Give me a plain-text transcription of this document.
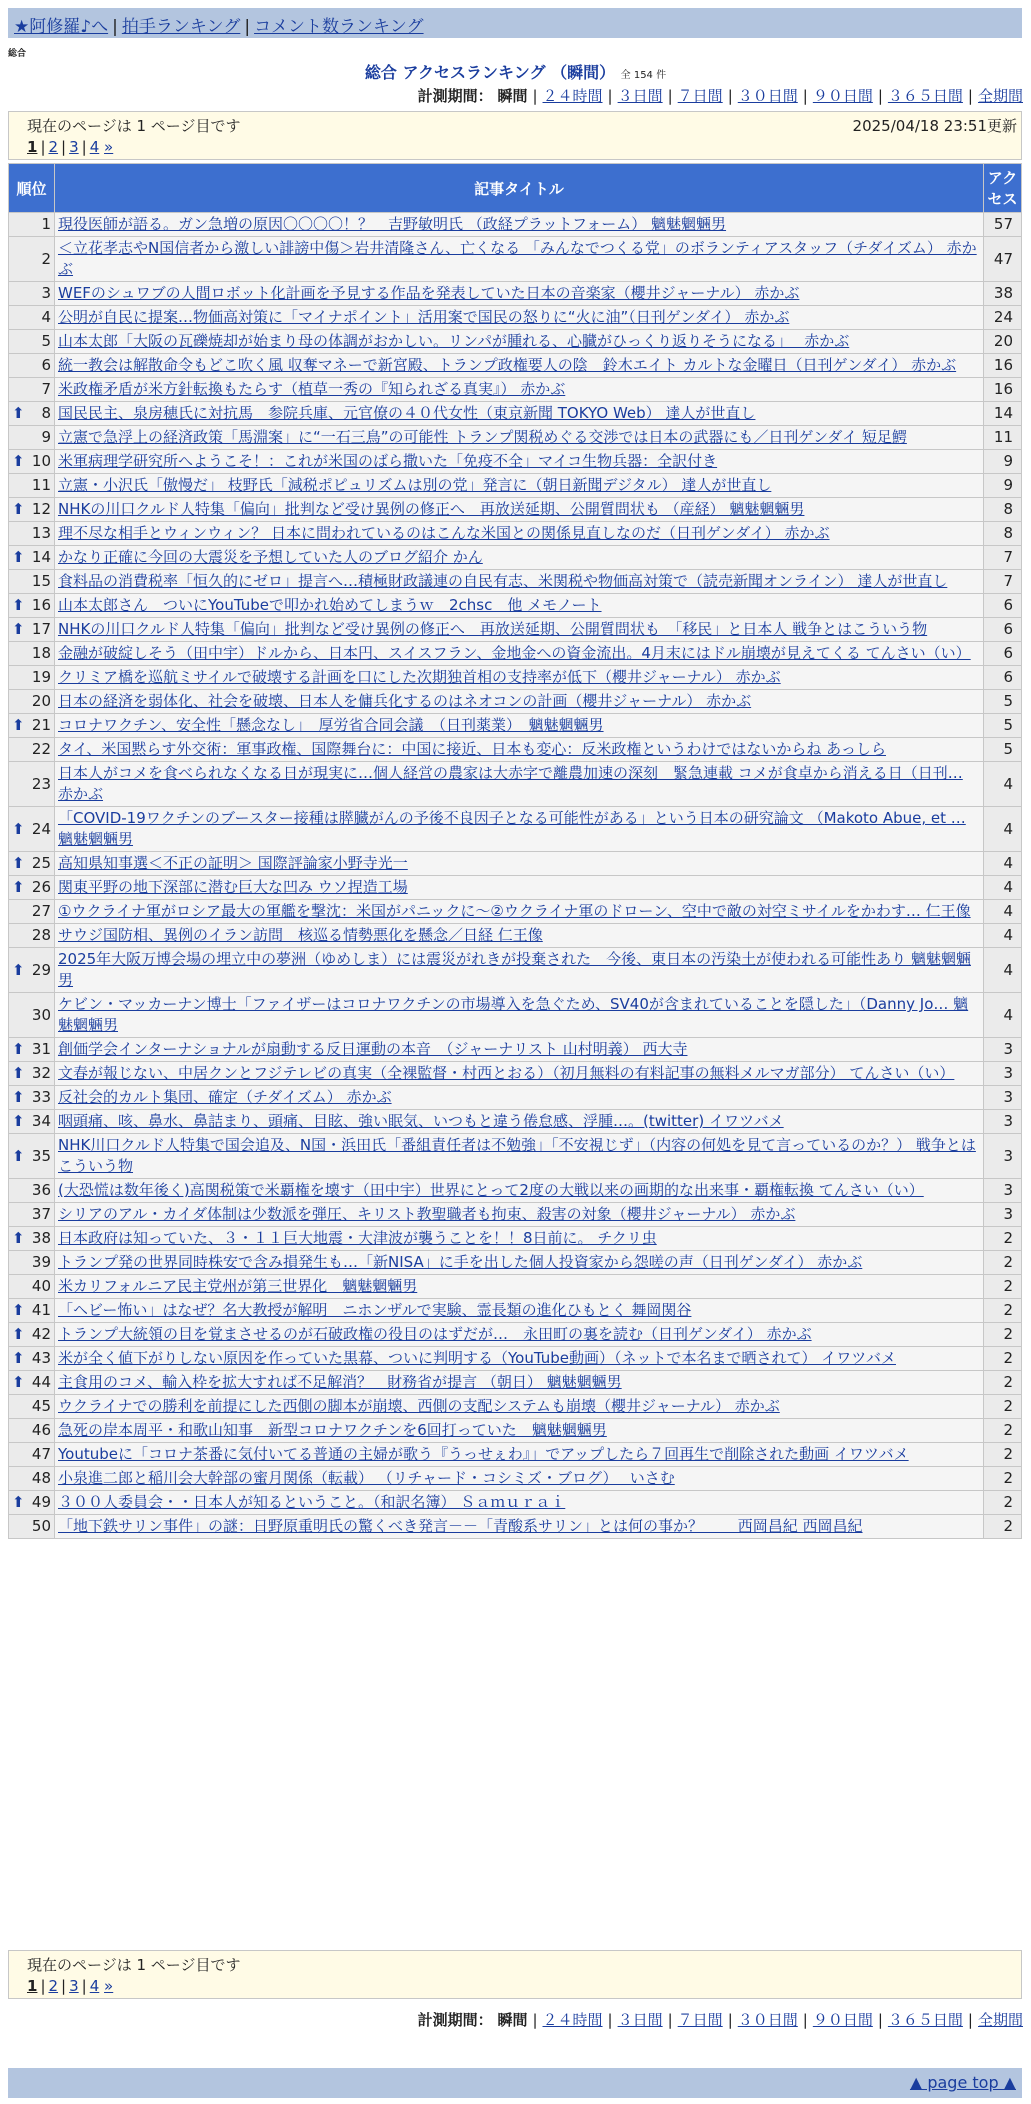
★阿修羅♪へ | 拍手ランキング | コメント数ランキング
総合
総合 アクセスランキング （瞬間） 全 154 件
計測期間： 瞬間 | ２４時間 | ３日間 | ７日間 | ３０日間 | ９０日間 | ３６５日間 | 全期間
現在のページは 1 ページ目です	2025/04/18 23:51更新
1 | 2 | 3 | 4 »
順位	記事タイトル	アクセス
1	現役医師が語る。ガン急増の原因〇〇〇〇！？　吉野敏明氏 （政経プラットフォーム） 魑魅魍魎男	57
2	＜立花孝志やN国信者から激しい誹謗中傷＞岩井清隆さん、亡くなる 「みんなでつくる党」のボランティアスタッフ（チダイズム） 赤かぶ	47
3	WEFのシュワブの人間ロボット化計画を予見する作品を発表していた日本の音楽家（櫻井ジャーナル） 赤かぶ	38
4	公明が自民に提案…物価高対策に「マイナポイント」活用案で国民の怒りに“火に油”（日刊ゲンダイ） 赤かぶ	24
5	山本太郎「大阪の瓦礫焼却が始まり母の体調がおかしい。リンパが腫れる、心臓がひっくり返りそうになる」　 赤かぶ	20
6	統一教会は解散命令もどこ吹く風 収奪マネーで新宮殿、トランプ政権要人の陰　鈴木エイト カルトな金曜日（日刊ゲンダイ） 赤かぶ	16
7	米政権矛盾が米方針転換もたらす（植草一秀の『知られざる真実』） 赤かぶ	16

⬆ 8	国民民主、泉房穂氏に対抗馬　参院兵庫、元官僚の４０代女性（東京新聞 TOKYO Web） 達人が世直し	14
9	立憲で急浮上の経済政策「馬淵案」に“一石三鳥”の可能性 トランプ関税めぐる交渉では日本の武器にも／日刊ゲンダイ 短足鰐	11

⬆ 10	米軍病理学研究所へようこそ！：これが米国のばら撒いた「免疫不全」マイコ生物兵器：全訳付き	9
11	立憲・小沢氏「傲慢だ」 枝野氏「減税ポピュリズムは別の党」発言に（朝日新聞デジタル） 達人が世直し	9

⬆ 12	NHKの川口クルド人特集「偏向」批判など受け異例の修正へ　再放送延期、公開質問状も （産経） 魑魅魍魎男	8
13	理不尽な相手とウィンウィン？ 日本に問われているのはこんな米国との関係見直しなのだ（日刊ゲンダイ） 赤かぶ	8

⬆ 14	かなり正確に今回の大震災を予想していた人のブログ紹介 かん	7
15	食料品の消費税率「恒久的にゼロ」提言へ…積極財政議連の自民有志、米関税や物価高対策で（読売新聞オンライン） 達人が世直し	7

⬆ 16	山本太郎さん　ついにYouTubeで叩かれ始めてしまうｗ　2chsc　他 メモノート	6

⬆ 17	NHKの川口クルド人特集「偏向」批判など受け異例の修正へ　再放送延期、公開質問状も　「移民」と日本人 戦争とはこういう物	6
18	金融が破綻しそう（田中宇）ドルから、日本円、スイスフラン、金地金への資金流出。4月末にはドル崩壊が見えてくる てんさい（い）	6
19	クリミア橋を巡航ミサイルで破壊する計画を口にした次期独首相の支持率が低下（櫻井ジャーナル） 赤かぶ	6
20	日本の経済を弱体化、社会を破壊、日本人を傭兵化するのはネオコンの計画（櫻井ジャーナル） 赤かぶ	5

⬆ 21	コロナワクチン、安全性「懸念なし」　厚労省合同会議　（日刊薬業）　魑魅魍魎男	5
22	タイ、米国黙らす外交術：軍事政権、国際舞台に：中国に接近、日本も変心：反米政権というわけではないからね あっしら	5
23	日本人がコメを食べられなくなる日が現実に…個人経営の農家は大赤字で離農加速の深刻　緊急連載 コメが食卓から消える日（日刊… 赤かぶ	4

⬆ 24	「COVID-19ワクチンのブースター接種は膵臓がんの予後不良因子となる可能性がある」という日本の研究論文 （Makoto Abue, et … 魑魅魍魎男	4

⬆ 25	高知県知事選＜不正の証明＞ 国際評論家小野寺光一	4

⬆ 26	関東平野の地下深部に潜む巨大な凹み ウソ捏造工場	4
27	①ウクライナ軍がロシア最大の軍艦を撃沈：米国がパニックに～②ウクライナ軍のドローン、空中で敵の対空ミサイルをかわす… 仁王像	4
28	サウジ国防相、異例のイラン訪問　核巡る情勢悪化を懸念／日経 仁王像	4

⬆ 29	2025年大阪万博会場の埋立中の夢洲（ゆめしま）には震災がれきが投棄された　今後、東日本の汚染土が使われる可能性あり 魑魅魍魎男	4
30	ケビン・マッカーナン博士「ファイザーはコロナワクチンの市場導入を急ぐため、SV40が含まれていることを隠した」（Danny Jo… 魑魅魍魎男	4

⬆ 31	創価学会インターナショナルが扇動する反日運動の本音　（ジャーナリスト 山村明義） 西大寺	3

⬆ 32	文春が報じない、中居クンとフジテレビの真実（全裸監督・村西とおる）（初月無料の有料記事の無料メルマガ部分） てんさい（い）	3

⬆ 33	反社会的カルト集団、確定（チダイズム） 赤かぶ	3

⬆ 34	咽頭痛、咳、鼻水、鼻詰まり、頭痛、目眩、強い眠気、いつもと違う倦怠感、浮腫…。(twitter) イワツバメ	3

⬆ 35	NHK川口クルド人特集で国会追及、N国・浜田氏「番組責任者は不勉強」「不安視じず」（内容の何処を見て言っているのか？） 戦争とはこういう物	3
36	(大恐慌は数年後く)高関税策で米覇権を壊す（田中宇）世界にとって2度の大戦以来の画期的な出来事・覇権転換 てんさい（い）	3
37	シリアのアル・カイダ体制は少数派を弾圧、キリスト教聖職者も拘束、殺害の対象（櫻井ジャーナル） 赤かぶ	3

⬆ 38	日本政府は知っていた、３・１１巨大地震・大津波が襲うことを！！8日前に。 チクリ虫	2
39	トランプ発の世界同時株安で含み損発生も…「新NISA」に手を出した個人投資家から怨嗟の声（日刊ゲンダイ） 赤かぶ	2
40	米カリフォルニア民主党州が第三世界化　魑魅魍魎男	2

⬆ 41	「ヘビー怖い」はなぜ？名大教授が解明　ニホンザルで実験、霊長類の進化ひもとく 舞岡関谷	2

⬆ 42	トランプ大統領の目を覚まさせるのが石破政権の役目のはずだが…　永田町の裏を読む（日刊ゲンダイ） 赤かぶ	2

⬆ 43	米が全く値下がりしない原因を作っていた黒幕、ついに判明する（YouTube動画）（ネットで本名まで晒されて） イワツバメ	2

⬆ 44	主食用のコメ、輸入枠を拡大すれば不足解消？　財務省が提言 （朝日） 魑魅魍魎男	2
45	ウクライナでの勝利を前提にした西側の脚本が崩壊、西側の支配システムも崩壊（櫻井ジャーナル） 赤かぶ	2
46	急死の岸本周平・和歌山知事　新型コロナワクチンを6回打っていた　魑魅魍魎男	2
47	Youtubeに「コロナ茶番に気付いてる普通の主婦が歌う『うっせぇわ』」でアップしたら７回再生で削除された動画 イワツバメ	2
48	小泉進二郎と稲川会大幹部の蜜月関係（転載） （リチャード・コシミズ・ブログ）　 いさむ	2

⬆ 49	３００人委員会・・日本人が知るということ。（和訳名簿） Ｓａｍｕｒａｉ	2
50	「地下鉄サリン事件」の謎：日野原重明氏の驚くべき発言－－「青酸系サリン」とは何の事か？　　 西岡昌紀 西岡昌紀	2
現在のページは 1 ページ目です
1 | 2 | 3 | 4 »
計測期間： 瞬間 | ２４時間 | ３日間 | ７日間 | ３０日間 | ９０日間 | ３６５日間 | 全期間
▲ page top ▲
